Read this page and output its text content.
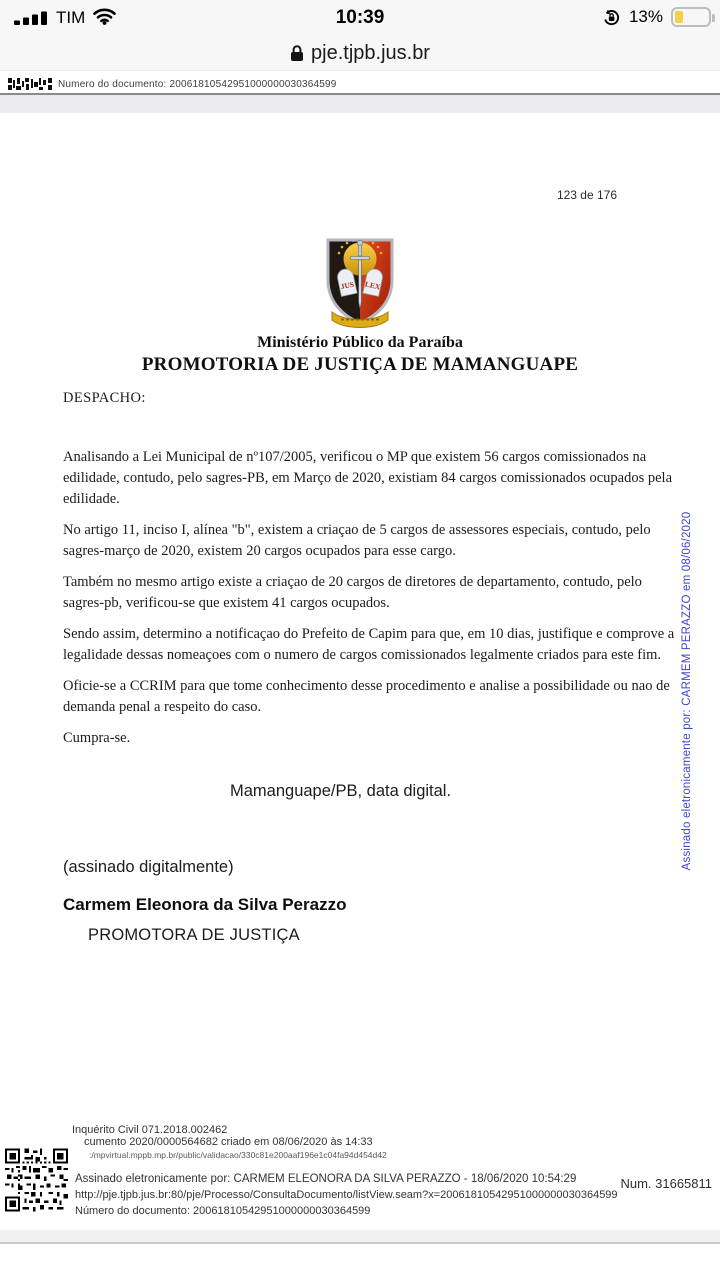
TIM	10:39	13%
pje.tjpb.jus.br
Numero do documento: 20061810542951000000030364599
123 de 176
JUS LEX
Ministério Público da Paraíba
PROMOTORIA DE JUSTIÇA DE MAMANGUAPE

DESPACHO:

Analisando a Lei Municipal de nº107/2005, verificou o MP que existem 56 cargos comissionados na edilidade, contudo, pelo sagres-PB, em Março de 2020, existiam 84 cargos comissionados ocupados pela edilidade.

No artigo 11, inciso I, alínea "b", existem a criaçao de 5 cargos de assessores especiais, contudo, pelo sagres-março de 2020, existem 20 cargos ocupados para esse cargo.

Também no mesmo artigo existe a criaçao de 20 cargos de diretores de departamento, contudo, pelo sagres-pb, verificou-se que existem 41 cargos ocupados.

Sendo assim, determino a notificaçao do Prefeito de Capim para que, em 10 dias, justifique e comprove a legalidade dessas nomeaçoes com o numero de cargos comissionados legalmente criados para este fim.

Oficie-se a CCRIM para que tome conhecimento desse procedimento e analise a possibilidade ou nao de demanda penal a respeito do caso.

Cumpra-se.

Mamanguape/PB, data digital.
(assinado digitalmente)
Carmem Eleonora da Silva Perazzo
PROMOTORA DE JUSTIÇA
Inquérito Civil 071.2018.002462
cumento 2020/0000564682 criado em 08/06/2020 às 14:33
:/mpvirtual.mppb.mp.br/public/validacao/330c81e200aaf196e1c04fa94d454d42
Assinado eletronicamente por: CARMEM ELEONORA DA SILVA PERAZZO - 18/06/2020 10:54:29
http://pje.tjpb.jus.br:80/pje/Processo/ConsultaDocumento/listView.seam?x=20061810542951000000030364599
Número do documento: 20061810542951000000030364599
Num. 31665811
Assinado eletronicamente por: CARMEM PERAZZO em 08/06/2020
